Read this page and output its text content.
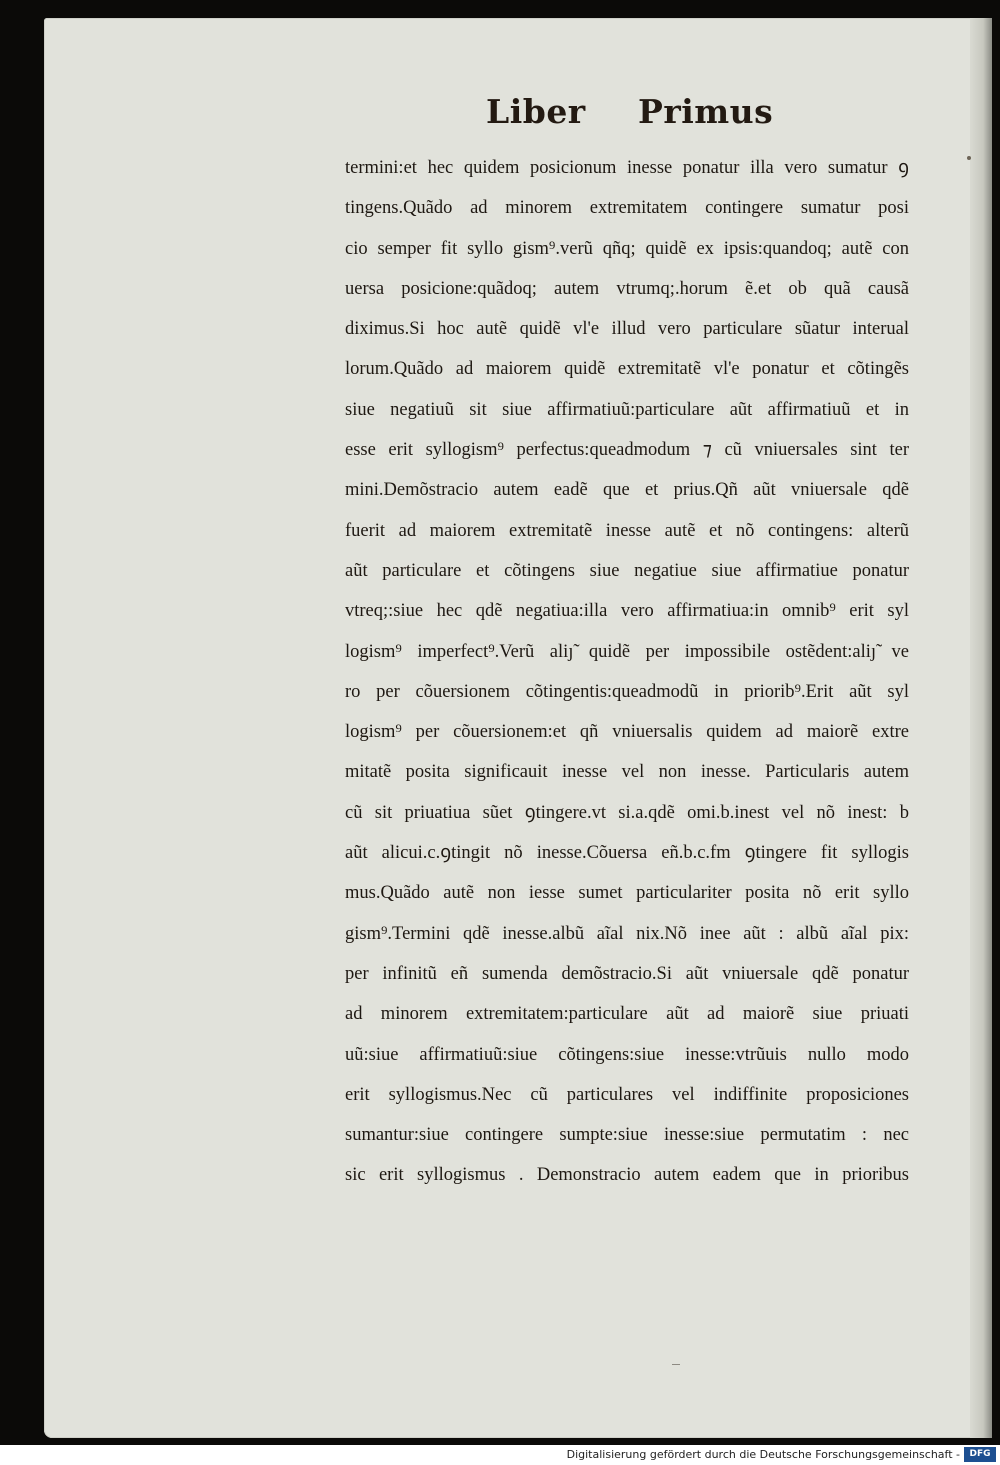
Liber Primus
termini:et hec quidem posicionum inesse ponatur illa vero sumatur ꝯ
tingens.Quãdo ad minorem extremitatem contingere sumatur posi
cio semper fit syllo gism⁹.verũ qñq; quidẽ ex ipsis:quandoq; autẽ con
uersa posicione:quãdoq; autem vtrumq;.horum ẽ.et ob quã causã
diximus.Si hoc autẽ quidẽ vl'e illud vero particulare sũatur interual
lorum.Quãdo ad maiorem quidẽ extremitatẽ vl'e ponatur et cõtingẽs
siue negatiuũ sit siue affirmatiuũ:particulare aũt affirmatiuũ et in
esse erit syllogism⁹ perfectus:queadmodum ⁊ cũ vniuersales sint ter
mini.Demõstracio autem eadẽ que et prius.Qñ aũt vniuersale qdẽ
fuerit ad maiorem extremitatẽ inesse autẽ et nõ contingens: alterũ
aũt particulare et cõtingens siue negatiue siue affirmatiue ponatur
vtreq;:siue hec qdẽ negatiua:illa vero affirmatiua:in omnib⁹ erit syl
logism⁹ imperfect⁹.Verũ aliȷ̃ quidẽ per impossibile ostẽdent:aliȷ̃ ve
ro per cõuersionem cõtingentis:queadmodũ in priorib⁹.Erit aũt syl
logism⁹ per cõuersionem:et qñ vniuersalis quidem ad maiorẽ extre
mitatẽ posita significauit inesse vel non inesse. Particularis autem
cũ sit priuatiua sũet ꝯtingere.vt si.a.qdẽ omi.b.inest vel nõ inest: b
aũt alicui.c.ꝯtingit nõ inesse.Cõuersa eñ.b.c.fm ꝯtingere fit syllogis
mus.Quãdo autẽ non iesse sumet particulariter posita nõ erit syllo
gism⁹.Termini qdẽ inesse.albũ aĩal nix.Nõ inee aũt : albũ aĩal pix:
per infinitũ eñ sumenda demõstracio.Si aũt vniuersale qdẽ ponatur
ad minorem extremitatem:particulare aũt ad maiorẽ siue priuati
uũ:siue affirmatiuũ:siue cõtingens:siue inesse:vtrũuis nullo modo
erit syllogismus.Nec cũ particulares vel indiffinite proposiciones
sumantur:siue contingere sumpte:siue inesse:siue permutatim : nec
sic erit syllogismus . Demonstracio autem eadem que in prioribus
Digitalisierung gefördert durch die Deutsche Forschungsgemeinschaft -	DFG
